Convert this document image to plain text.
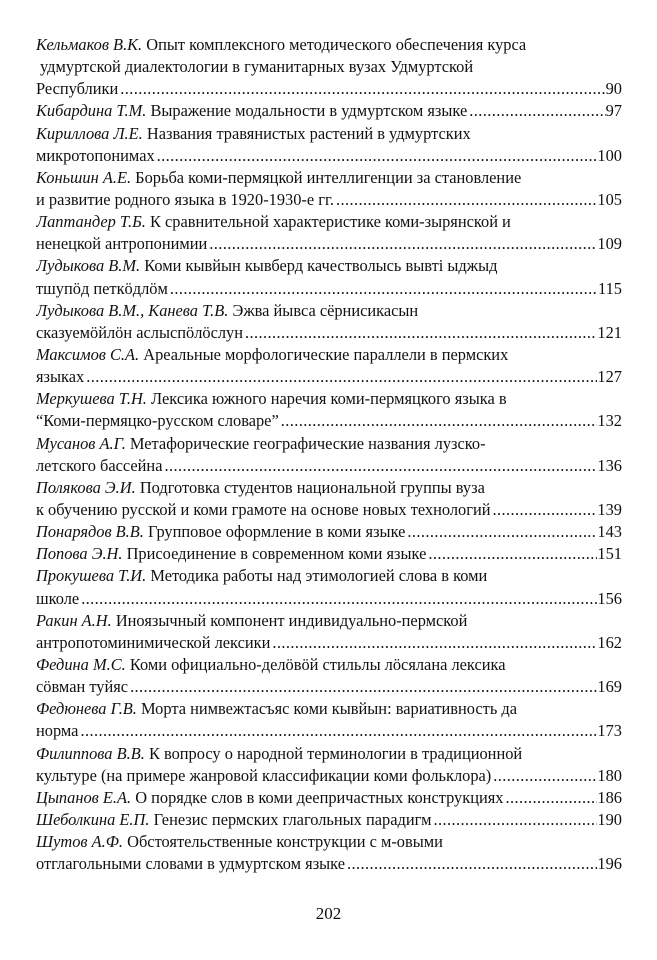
Кельмаков В.К.
Опыт комплексного методического обеспечения курса
удмуртской диалектологии в гуманитарных вузах Удмуртской
Республики .....	90
Кибардина Т.М.
Выражение модальности в удмуртском языке .....	97
Кириллова Л.Е.
Названия травянистых растений в удмуртских
микротопонимах .....	100
Коньшин А.Е.
Борьба коми-пермяцкой интеллигенции за становление
и развитие родного языка в 1920-1930-е гг. .....	105
Лаптандер Т.Б.
К сравнительной характеристике коми-зырянской и
ненецкой антропонимии .....	109
Лудыкова В.М.
Коми кывйын кывберд качестволысь вывті ыджыд
тшупӧд петкӧдлӧм .....	115
Лудыкова В.М., Канева Т.В.
Эжва йывса сёрнисикасын
сказуемӧйлӧн аслыспӧлӧслун .....	121
Максимов С.А.
Ареальные морфологические параллели в пермских
языках .....	127
Меркушева Т.Н.
Лексика южного наречия коми-пермяцкого языка в
“Коми-пермяцко-русском словаре” .....	132
Мусанов А.Г.
Метафорические географические названия лузско-
летского бассейна .....	136
Полякова Э.И.
Подготовка студентов национальной группы вуза
к обучению русской и коми грамоте на основе новых технологий .....	139
Понарядов В.В.
Групповое оформление в коми языке .....	143
Попова Э.Н.
Присоединение в современном коми языке .....	151
Прокушева Т.И.
Методика работы над этимологией слова в коми
школе .....	156
Ракин А.Н.
Иноязычный компонент индивидуально-пермской
антропотоминимической лексики .....	162
Федина М.С.
Коми официально-делӧвӧй стильлы лӧсялана лексика
сӧвман туйяс .....	169
Федюнева Г.В.
Морта нимвежтасъяс коми кывйын: вариативность да
норма .....	173
Филиппова В.В.
К вопросу о народной терминологии в традиционной
культуре (на примере жанровой классификации коми фольклора) .....	180
Цыпанов Е.А.
О порядке слов в коми деепричастных конструкциях .....	186
Шеболкина Е.П.
Генезис пермских глагольных парадигм .....	190
Шутов А.Ф.
Обстоятельственные конструкции с м-овыми
отглагольными словами в удмуртском языке .....	196
202
